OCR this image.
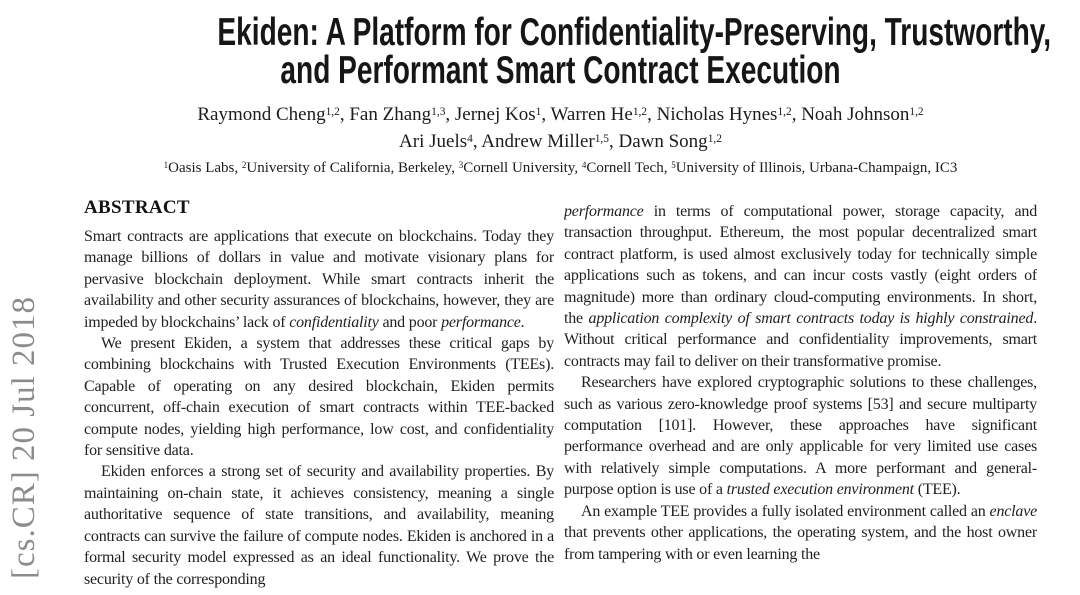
[cs.CR] 20 Jul 2018
Ekiden: A Platform for Confidentiality-Preserving, Trustworthy,
and Performant Smart Contract Execution
Raymond Cheng$^{1,2}$, Fan Zhang$^{1,3}$, Jernej Kos$^1$, Warren He$^{1,2}$, Nicholas Hynes$^{1,2}$, Noah Johnson$^{1,2}$
Ari Juels$^4$, Andrew Miller$^{1,5}$, Dawn Song$^{1,2}$
$^1$Oasis Labs, $^2$University of California, Berkeley, $^3$Cornell University, $^4$Cornell Tech, $^5$University of Illinois, Urbana-Champaign, IC3
ABSTRACT

Smart contracts are applications that execute on blockchains. Today they manage billions of dollars in value and motivate visionary plans for pervasive blockchain deployment. While smart contracts inherit the availability and other security assurances of blockchains, however, they are impeded by blockchains’ lack of confidentiality and poor performance.

We present Ekiden, a system that addresses these critical gaps by combining blockchains with Trusted Execution Environments (TEEs). Capable of operating on any desired blockchain, Ekiden permits concurrent, off-chain execution of smart contracts within TEE-backed compute nodes, yielding high performance, low cost, and confidentiality for sensitive data.

Ekiden enforces a strong set of security and availability properties. By maintaining on-chain state, it achieves consistency, meaning a single authoritative sequence of state transitions, and availability, meaning contracts can survive the failure of compute nodes. Ekiden is anchored in a formal security model expressed as an ideal functionality. We prove the security of the corresponding

performance in terms of computational power, storage capacity, and transaction throughput. Ethereum, the most popular decentralized smart contract platform, is used almost exclusively today for technically simple applications such as tokens, and can incur costs vastly (eight orders of magnitude) more than ordinary cloud-computing environments. In short, the application complexity of smart contracts today is highly constrained. Without critical performance and confidentiality improvements, smart contracts may fail to deliver on their transformative promise.

Researchers have explored cryptographic solutions to these challenges, such as various zero-knowledge proof systems [53] and secure multiparty computation [101]. However, these approaches have significant performance overhead and are only applicable for very limited use cases with relatively simple computations. A more performant and general-purpose option is use of a trusted execution environment (TEE).

An example TEE provides a fully isolated environment called an enclave that prevents other applications, the operating system, and the host owner from tampering with or even learning the
